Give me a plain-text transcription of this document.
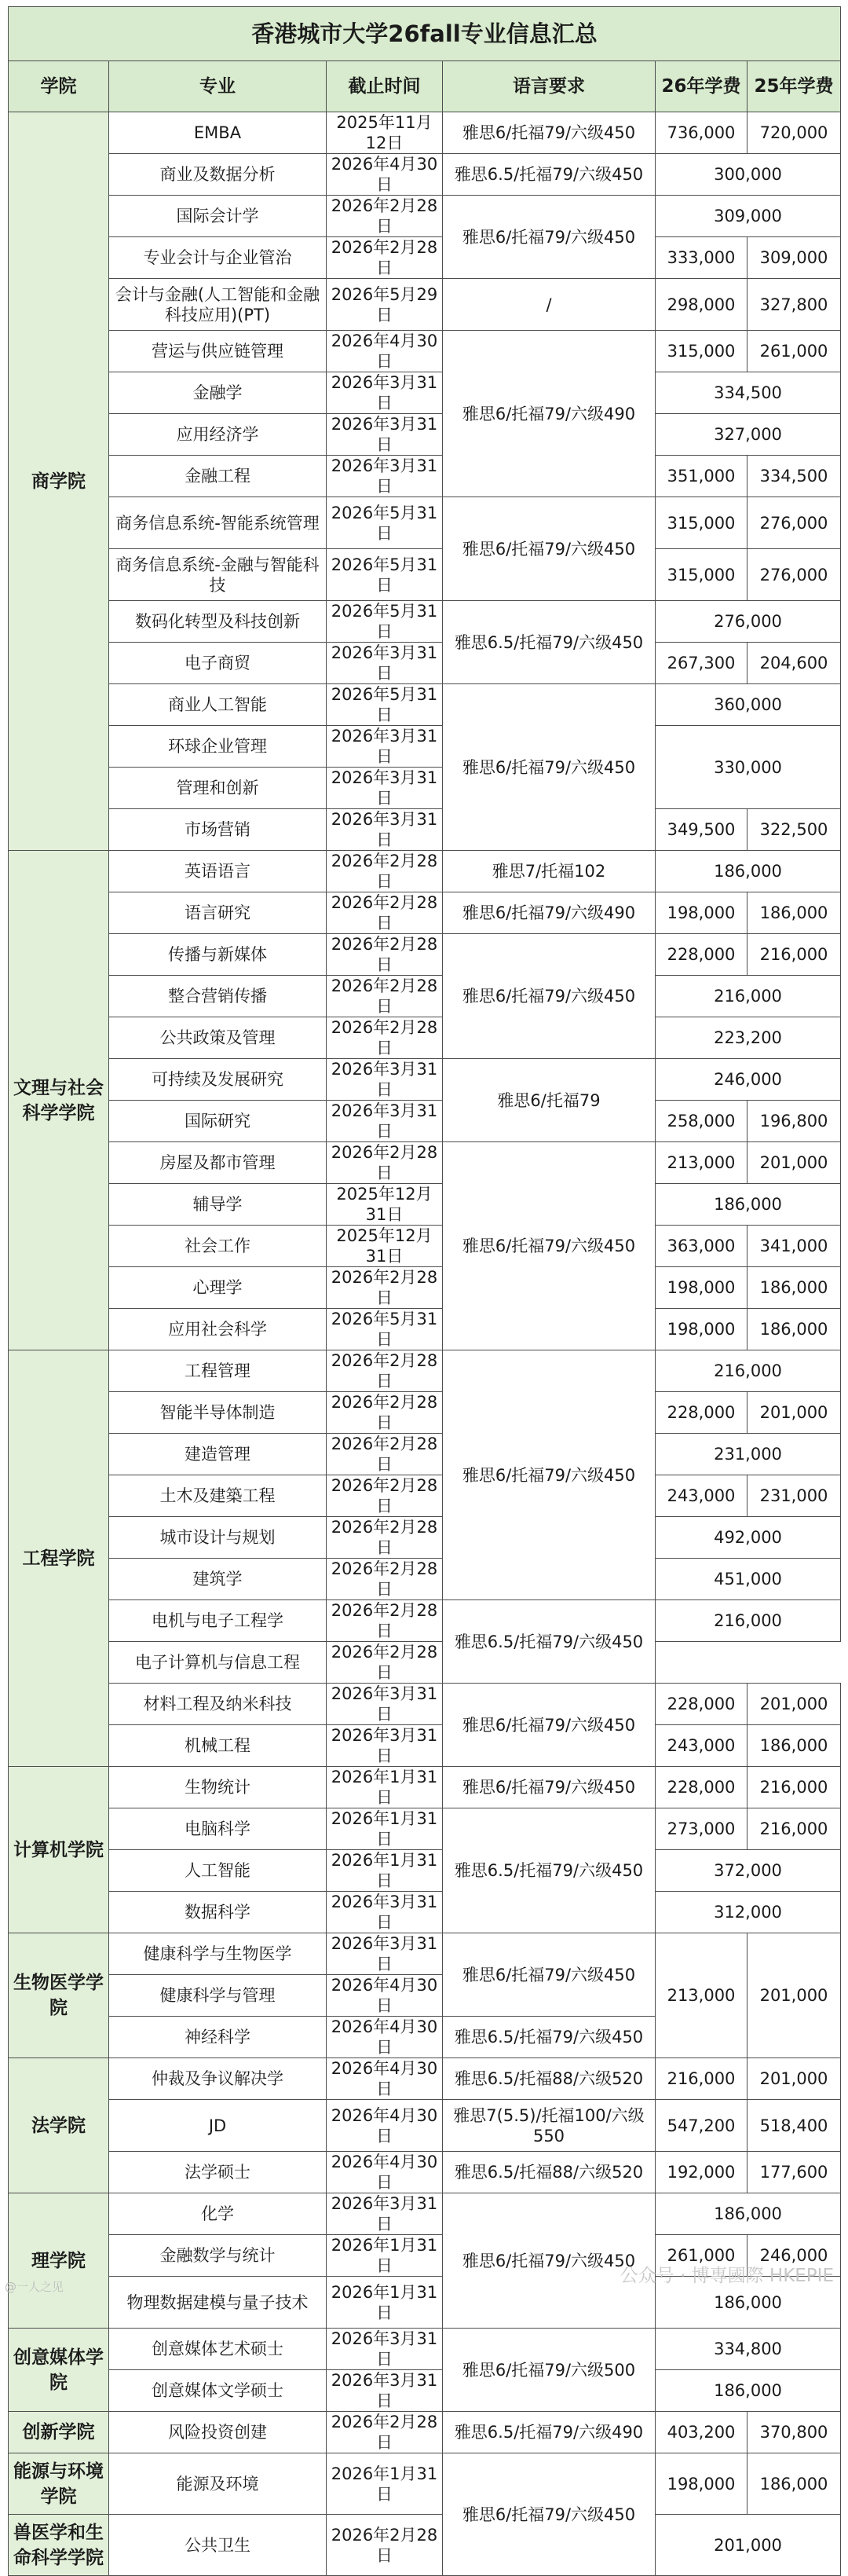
香港城市大学26fall专业信息汇总					
学院	专业	截止时间	语言要求	26年学费	25年学费
商学院	EMBA	2025年11月12日	雅思6/托福79/六级450	736,000	720,000
	商业及数据分析	2026年4月30日	雅思6.5/托福79/六级450	300,000	
	国际会计学	2026年2月28日	雅思6/托福79/六级450	309,000	
	专业会计与企业管治	2026年2月28日		333,000	309,000
	会计与金融(人工智能和金融科技应用)(PT)	2026年5月29日	/	298,000	327,800
	营运与供应链管理	2026年4月30日	雅思6/托福79/六级490	315,000	261,000
	金融学	2026年3月31日		334,500	
	应用经济学	2026年3月31日		327,000	
	金融工程	2026年3月31日		351,000	334,500
	商务信息系统-智能系统管理	2026年5月31日	雅思6/托福79/六级450	315,000	276,000
	商务信息系统-金融与智能科技	2026年5月31日		315,000	276,000
	数码化转型及科技创新	2026年5月31日	雅思6.5/托福79/六级450	276,000	
	电子商贸	2026年3月31日		267,300	204,600
	商业人工智能	2026年5月31日	雅思6/托福79/六级450	360,000	
	环球企业管理	2026年3月31日		330,000	
	管理和创新	2026年3月31日			
	市场营销	2026年3月31日		349,500	322,500
文理与社会科学学院	英语语言	2026年2月28日	雅思7/托福102	186,000	
	语言研究	2026年2月28日	雅思6/托福79/六级490	198,000	186,000
	传播与新媒体	2026年2月28日	雅思6/托福79/六级450	228,000	216,000
	整合营销传播	2026年2月28日		216,000	
	公共政策及管理	2026年2月28日		223,200	
	可持续及发展研究	2026年3月31日	雅思6/托福79	246,000	
	国际研究	2026年3月31日		258,000	196,800
	房屋及都市管理	2026年2月28日	雅思6/托福79/六级450	213,000	201,000
	辅导学	2025年12月31日		186,000	
	社会工作	2025年12月31日		363,000	341,000
	心理学	2026年2月28日		198,000	186,000
	应用社会科学	2026年5月31日		198,000	186,000
工程学院	工程管理	2026年2月28日	雅思6/托福79/六级450	216,000	
	智能半导体制造	2026年2月28日		228,000	201,000
	建造管理	2026年2月28日		231,000	
	土木及建築工程	2026年2月28日		243,000	231,000
	城市设计与规划	2026年2月28日		492,000	
	建筑学	2026年2月28日		451,000	
	电机与电子工程学	2026年2月28日	雅思6.5/托福79/六级450	216,000	
	电子计算机与信息工程	2026年2月28日			
	材料工程及纳米科技	2026年3月31日	雅思6/托福79/六级450	228,000	201,000
	机械工程	2026年3月31日		243,000	186,000
计算机学院	生物统计	2026年1月31日	雅思6/托福79/六级450	228,000	216,000
	电脑科学	2026年1月31日	雅思6.5/托福79/六级450	273,000	216,000
	人工智能	2026年1月31日		372,000	
	数据科学	2026年3月31日		312,000	
生物医学学院	健康科学与生物医学	2026年3月31日	雅思6/托福79/六级450	213,000	201,000
	健康科学与管理	2026年4月30日			
	神经科学	2026年4月30日	雅思6.5/托福79/六级450		
法学院	仲裁及争议解决学	2026年4月30日	雅思6.5/托福88/六级520	216,000	201,000
	JD	2026年4月30日	雅思7(5.5)/托福100/六级550	547,200	518,400
	法学硕士	2026年4月30日	雅思6.5/托福88/六级520	192,000	177,600
理学院	化学	2026年3月31日	雅思6/托福79/六级450	186,000	
	金融数学与统计	2026年1月31日		261,000	246,000
	物理数据建模与量子技术	2026年1月31日		186,000	
创意媒体学院	创意媒体艺术硕士	2026年3月31日	雅思6/托福79/六级500	334,800	
	创意媒体文学硕士	2026年3月31日		186,000	
创新学院	风险投资创建	2026年2月28日	雅思6.5/托福79/六级490	403,200	370,800
能源与环境学院	能源及环境	2026年1月31日	雅思6/托福79/六级450	198,000	186,000
兽医学和生命科学学院	公共卫生	2026年2月28日		201,000	
公众号 · 博專國際 HKEPIE
@一人之见
